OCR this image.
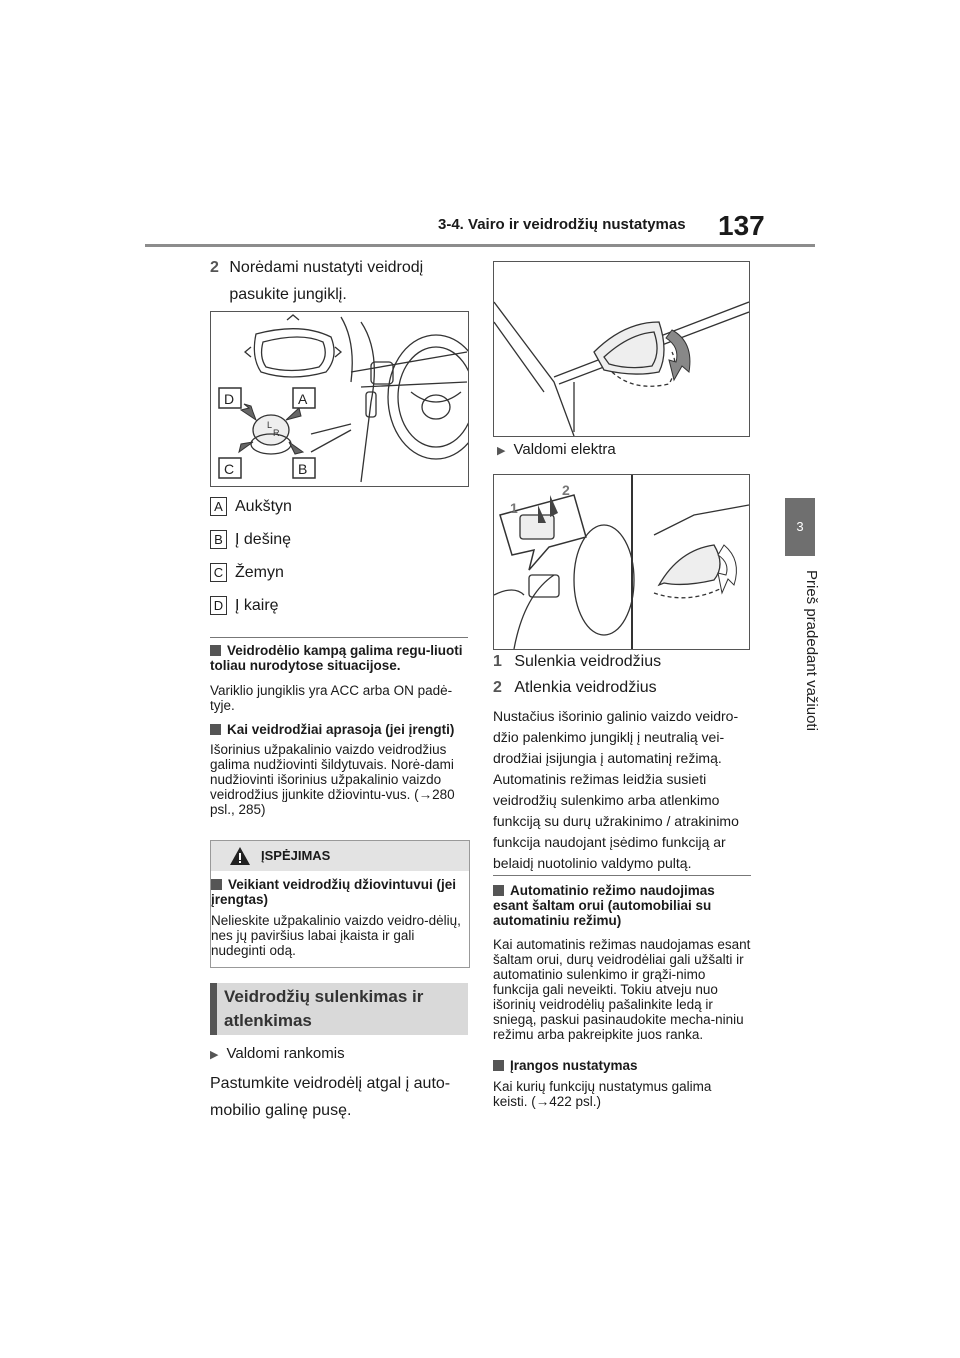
3-4. Vairo ir veidrodžių nustatymas 137
3
Prieš pradedant važiuoti
2 Norėdami nustatyti veidrodį pasukite jungiklį.
L
R
D	A
C	B
A Aukštyn
B Į dešinę
C Žemyn
D Į kairę
Veidrodėlio kampą galima regu-liuoti toliau nurodytose situacijose.
Variklio jungiklis yra ACC arba ON padė-tyje.
Kai veidrodžiai aprasoja (jei įrengti)
Išorinius užpakalinio vaizdo veidrodžius galima nudžiovinti šildytuvais. Norė-dami nudžiovinti išorinius užpakalinio vaizdo veidrodžius įjunkite džiovintu-vus. (→280 psl., 285)
ĮSPĖJIMAS
Veikiant veidrodžių džiovintuvui (jei įrengtas)
Nelieskite užpakalinio vaizdo veidro-dėlių, nes jų paviršius labai įkaista ir gali nudeginti odą.
Veidrodžių sulenkimas ir atlenkimas
▶ Valdomi rankomis
Pastumkite veidrodėlį atgal į auto-mobilio galinę pusę.
▶ Valdomi elektra
1
2
1 Sulenkia veidrodžius
2 Atlenkia veidrodžius
Nustačius išorinio galinio vaizdo veidro-džio palenkimo jungiklį į neutralią vei-drodžiai įsijungia į automatinį režimą. Automatinis režimas leidžia susieti veidrodžių sulenkimo arba atlenkimo funkciją su durų užrakinimo / atrakinimo funkcija naudojant įsėdimo funkciją ar belaidį nuotolinio valdymo pultą.
Automatinio režimo naudojimas esant šaltam orui (automobiliai su automatiniu režimu)
Kai automatinis režimas naudojamas esant šaltam orui, durų veidrodėliai gali užšalti ir automatinio sulenkimo ir grąži-nimo funkcija gali neveikti. Tokiu atveju nuo išorinių veidrodėlių pašalinkite ledą ir sniegą, paskui pasinaudokite mecha-niniu režimu arba pakreipkite juos ranka.
Įrangos nustatymas
Kai kurių funkcijų nustatymus galima keisti. (→422 psl.)
